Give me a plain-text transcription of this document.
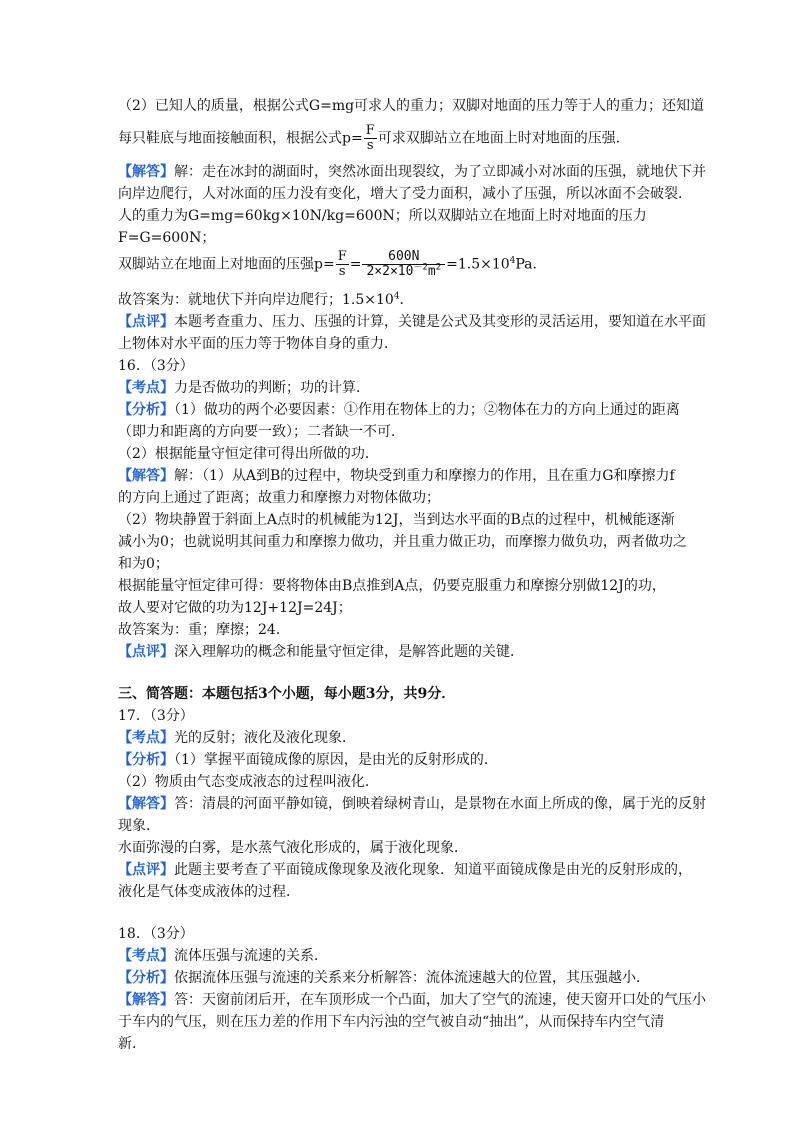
（2）已知人的质量，根据公式G=mg可求人的重力；双脚对地面的压力等于人的重力；还知道
每只鞋底与地面接触面积，根据公式$p= \frac{F}{s}$ 可求双脚站立在地面上时对地面的压强．
【解答】解：走在冰封的湖面时，突然冰面出现裂纹，为了立即减小对冰面的压强，就地伏下并
向岸边爬行，人对冰面的压力没有变化，增大了受力面积，减小了压强，所以冰面不会破裂．
人的重力为G=mg=60kg×10N/kg=600N；所以双脚站立在地面上时对地面的压力
F=G=600N；
双脚站立在地面上对地面的压强$p= \frac{F}{s} = \frac{600N}{2\times 2\times 10^{-2}m^2} =1.5\times 10^4Pa$．
故答案为：就地伏下并向岸边爬行；$1.5\times 10^4$．
【点评】本题考查重力、压力、压强的计算，关键是公式及其变形的灵活运用，要知道在水平面
上物体对水平面的压力等于物体自身的重力．
16．（3分）
【考点】力是否做功的判断；功的计算．
【分析】（1）做功的两个必要因素：①作用在物体上的力；②物体在力的方向上通过的距离
（即力和距离的方向要一致）；二者缺一不可．
（2）根据能量守恒定律可得出所做的功．
【解答】解：（1）从A到B的过程中，物块受到重力和摩擦力的作用，且在重力G和摩擦力f
的方向上通过了距离；故重力和摩擦力对物体做功；
（2）物块静置于斜面上A点时的机械能为12J，当到达水平面的B点的过程中，机械能逐渐
减小为0；也就说明其间重力和摩擦力做功，并且重力做正功，而摩擦力做负功，两者做功之
和为0；
根据能量守恒定律可得：要将物体由B点推到A点，仍要克服重力和摩擦分别做12J的功，
故人要对它做的功为12J+12J=24J；
故答案为：重；摩擦；24．
【点评】深入理解功的概念和能量守恒定律，是解答此题的关键．
三、简答题：本题包括3个小题，每小题3分，共9分．
17．（3分）
【考点】光的反射；液化及液化现象．
【分析】（1）掌握平面镜成像的原因，是由光的反射形成的．
（2）物质由气态变成液态的过程叫液化．
【解答】答：清晨的河面平静如镜，倒映着绿树青山，是景物在水面上所成的像，属于光的反射
现象．
水面弥漫的白雾，是水蒸气液化形成的，属于液化现象．
【点评】此题主要考查了平面镜成像现象及液化现象．知道平面镜成像是由光的反射形成的，
液化是气体变成液体的过程．
18．（3分）
【考点】流体压强与流速的关系．
【分析】依据流体压强与流速的关系来分析解答：流体流速越大的位置，其压强越小．
【解答】答：天窗前闭后开，在车顶形成一个凸面，加大了空气的流速，使天窗开口处的气压小
于车内的气压，则在压力差的作用下车内污浊的空气被自动“抽出”，从而保持车内空气清
新．
